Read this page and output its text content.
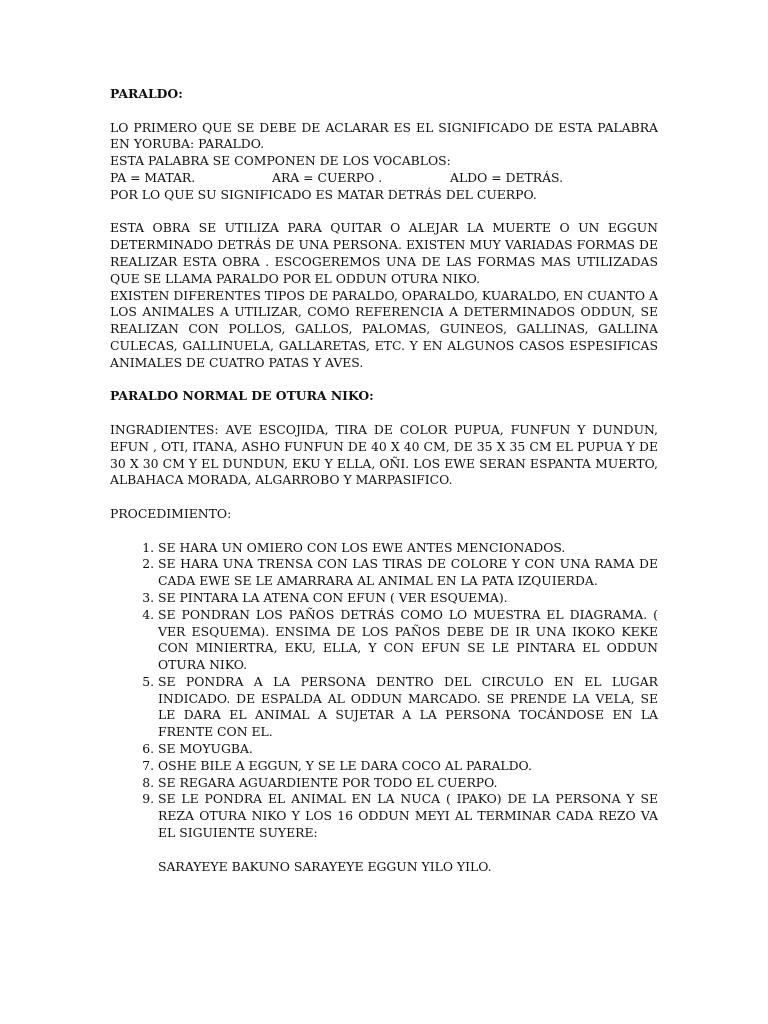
PARALDO:

LO PRIMERO QUE SE DEBE DE ACLARAR ES EL SIGNIFICADO DE ESTA PALABRA EN YORUBA: PARALDO.

ESTA PALABRA SE COMPONEN DE LOS VOCABLOS:

PA = MATAR.	ARA = CUERPO .	ALDO = DETRÁS.

POR LO QUE SU SIGNIFICADO ES MATAR DETRÁS DEL CUERPO.

ESTA OBRA SE UTILIZA PARA QUITAR O ALEJAR LA MUERTE O UN EGGUN DETERMINADO DETRÁS DE UNA PERSONA. EXISTEN MUY VARIADAS FORMAS DE REALIZAR ESTA OBRA . ESCOGEREMOS UNA DE LAS FORMAS MAS UTILIZADAS QUE SE LLAMA PARALDO POR EL ODDUN OTURA NIKO.

EXISTEN DIFERENTES TIPOS DE PARALDO, OPARALDO, KUARALDO, EN CUANTO A LOS ANIMALES A UTILIZAR, COMO REFERENCIA A DETERMINADOS ODDUN, SE REALIZAN CON POLLOS, GALLOS, PALOMAS, GUINEOS, GALLINAS, GALLINA CULECAS, GALLINUELA, GALLARETAS, ETC. Y EN ALGUNOS CASOS ESPESIFICAS ANIMALES DE CUATRO PATAS Y AVES.

PARALDO NORMAL DE OTURA NIKO:

INGRADIENTES: AVE ESCOJIDA, TIRA DE COLOR PUPUA, FUNFUN Y DUNDUN, EFUN , OTI, ITANA, ASHO FUNFUN DE 40 X 40 CM, DE 35 X 35 CM EL PUPUA Y DE 30 X 30 CM Y EL DUNDUN, EKU Y ELLA, OÑI. LOS EWE SERAN ESPANTA MUERTO, ALBAHACA MORADA, ALGARROBO Y MARPASIFICO.

PROCEDIMIENTO:

1. SE HARA UN OMIERO CON LOS EWE ANTES MENCIONADOS.
2. SE HARA UNA TRENSA CON LAS TIRAS DE COLORE Y CON UNA RAMA DE CADA EWE SE LE AMARRARA AL ANIMAL EN LA PATA IZQUIERDA.
3. SE PINTARA LA ATENA CON EFUN ( VER ESQUEMA).
4. SE PONDRAN LOS PAÑOS DETRÁS COMO LO MUESTRA EL DIAGRAMA. ( VER ESQUEMA). ENSIMA DE LOS PAÑOS DEBE DE IR UNA IKOKO KEKE CON MINIERTRA, EKU, ELLA, Y CON EFUN SE LE PINTARA EL ODDUN OTURA NIKO.
5. SE PONDRA A LA PERSONA DENTRO DEL CIRCULO EN EL LUGAR INDICADO. DE ESPALDA AL ODDUN MARCADO. SE PRENDE LA VELA, SE LE DARA EL ANIMAL A SUJETAR A LA PERSONA TOCÁNDOSE EN LA FRENTE CON EL.
6. SE MOYUGBA.
7. OSHE BILE A EGGUN, Y SE LE DARA COCO AL PARALDO.
8. SE REGARA AGUARDIENTE POR TODO EL CUERPO.
9. SE LE PONDRA EL ANIMAL EN LA NUCA ( IPAKO) DE LA PERSONA Y SE REZA OTURA NIKO Y LOS 16 ODDUN MEYI AL TERMINAR CADA REZO VA EL SIGUIENTE SUYERE:

SARAYEYE BAKUNO SARAYEYE EGGUN YILO YILO.
